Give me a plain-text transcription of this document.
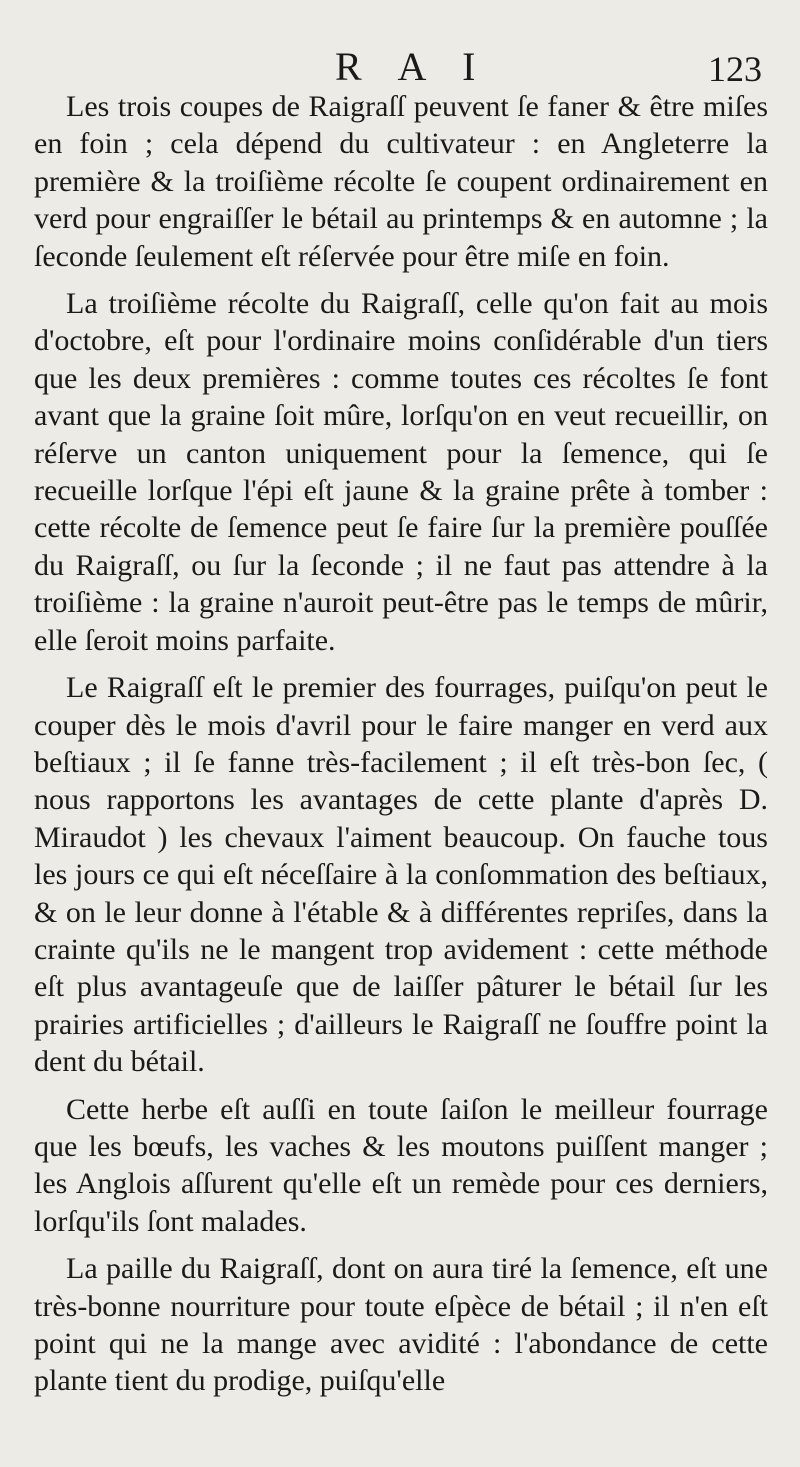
R A I	123

Les trois coupes de Raigraſſ peuvent ſe faner & être miſes en foin ; cela dépend du cultivateur : en Angleterre la première & la troiſième récolte ſe coupent ordinairement en verd pour engraiſſer le bétail au printemps & en automne ; la ſeconde ſeulement eſt réſervée pour être miſe en foin.

La troiſième récolte du Raigraſſ, celle qu'on fait au mois d'octobre, eſt pour l'ordinaire moins conſidérable d'un tiers que les deux premières : comme toutes ces récoltes ſe font avant que la graine ſoit mûre, lorſqu'on en veut recueillir, on réſerve un canton uniquement pour la ſemence, qui ſe recueille lorſque l'épi eſt jaune & la graine prête à tomber : cette récolte de ſemence peut ſe faire ſur la première pouſſée du Raigraſſ, ou ſur la ſeconde ; il ne faut pas attendre à la troiſième : la graine n'auroit peut-être pas le temps de mûrir, elle ſeroit moins parfaite.

Le Raigraſſ eſt le premier des fourrages, puiſqu'on peut le couper dès le mois d'avril pour le faire manger en verd aux beſtiaux ; il ſe fanne très-facilement ; il eſt très-bon ſec, ( nous rapportons les avantages de cette plante d'après D. Miraudot ) les chevaux l'aiment beaucoup. On fauche tous les jours ce qui eſt néceſſaire à la conſommation des beſtiaux, & on le leur donne à l'étable & à différentes repriſes, dans la crainte qu'ils ne le mangent trop avidement : cette méthode eſt plus avantageuſe que de laiſſer pâturer le bétail ſur les prairies artificielles ; d'ailleurs le Raigraſſ ne ſouffre point la dent du bétail.

Cette herbe eſt auſſi en toute ſaiſon le meilleur fourrage que les bœufs, les vaches & les moutons puiſſent manger ; les Anglois aſſurent qu'elle eſt un remède pour ces derniers, lorſqu'ils ſont malades.

La paille du Raigraſſ, dont on aura tiré la ſemence, eſt une très-bonne nourriture pour toute eſpèce de bétail ; il n'en eſt point qui ne la mange avec avidité : l'abondance de cette plante tient du prodige, puiſqu'elle
